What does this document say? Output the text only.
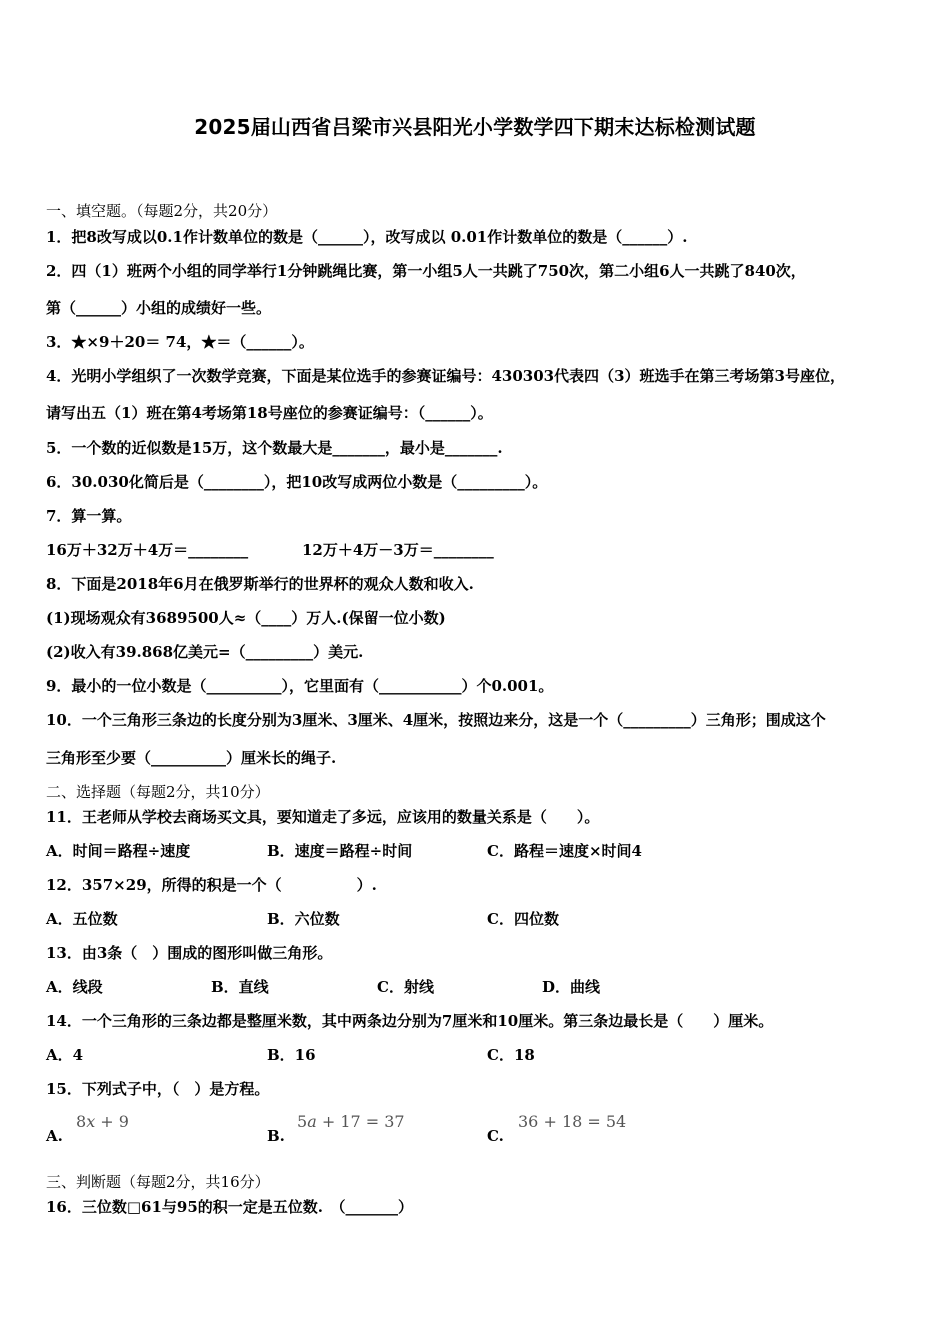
2025届山西省吕梁市兴县阳光小学数学四下期末达标检测试题
一、填空题。（每题2分，共20分）
1．把8改写成以0.1作计数单位的数是（______），改写成以 0.01作计数单位的数是（______）.
2．四（1）班两个小组的同学举行1分钟跳绳比赛，第一小组5人一共跳了750次，第二小组6人一共跳了840次，
第（______）小组的成绩好一些。
3．★×9＋20＝ 74，★＝（______）。
4．光明小学组织了一次数学竞赛，下面是某位选手的参赛证编号：430303代表四（3）班选手在第三考场第3号座位，
请写出五（1）班在第4考场第18号座位的参赛证编号：（______）。
5．一个数的近似数是15万，这个数最大是_______，最小是_______.
6．30.030化简后是（________），把10改写成两位小数是（_________）。
7．算一算。
16万＋32万＋4万＝________	12万＋4万－3万＝________
8．下面是2018年6月在俄罗斯举行的世界杯的观众人数和收入.
(1)现场观众有3689500人≈（____）万人.(保留一位小数)
(2)收入有39.868亿美元=（_________）美元.
9．最小的一位小数是（__________），它里面有（___________）个0.001。
10．一个三角形三条边的长度分别为3厘米、3厘米、4厘米，按照边来分，这是一个（_________）三角形；围成这个
三角形至少要（__________）厘米长的绳子.
二、选择题（每题2分，共10分）
11．王老师从学校去商场买文具，要知道走了多远，应该用的数量关系是（　　）。
A．时间＝路程÷速度	B．速度＝路程÷时间	C．路程＝速度×时间4
12．357×29，所得的积是一个（　　　　　）.
A．五位数	B．六位数	C．四位数
13．由3条（　）围成的图形叫做三角形。
A．线段	B．直线	C．射线	D．曲线
14．一个三角形的三条边都是整厘米数，其中两条边分别为7厘米和10厘米。第三条边最长是（　　）厘米。
A．4	B．16	C．18
15．下列式子中，（　）是方程。
A.
8x + 9
B.
5a + 17 = 37
C.
36 + 18 = 54
三、判断题（每题2分，共16分）
16．三位数□61与95的积一定是五位数.　（_______）
